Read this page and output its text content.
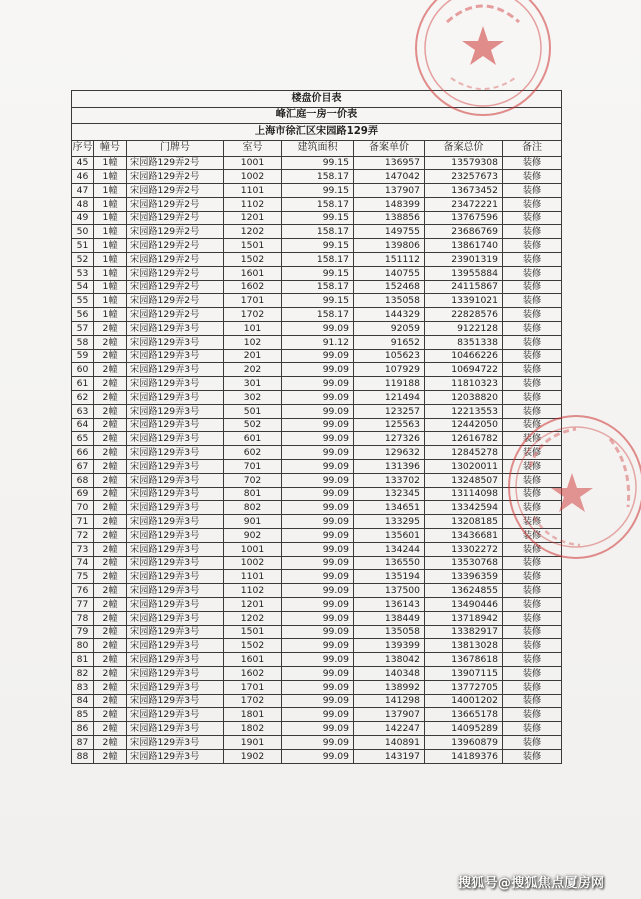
楼盘价目表							
峰汇庭一房一价表							
上海市徐汇区宋园路129弄							
序号	幢号	门牌号	室号	建筑面积	备案单价	备案总价	备注
45	1幢	宋园路129弄2号	1001	99.15	136957	13579308	装修
46	1幢	宋园路129弄2号	1002	158.17	147042	23257673	装修
47	1幢	宋园路129弄2号	1101	99.15	137907	13673452	装修
48	1幢	宋园路129弄2号	1102	158.17	148399	23472221	装修
49	1幢	宋园路129弄2号	1201	99.15	138856	13767596	装修
50	1幢	宋园路129弄2号	1202	158.17	149755	23686769	装修
51	1幢	宋园路129弄2号	1501	99.15	139806	13861740	装修
52	1幢	宋园路129弄2号	1502	158.17	151112	23901319	装修
53	1幢	宋园路129弄2号	1601	99.15	140755	13955884	装修
54	1幢	宋园路129弄2号	1602	158.17	152468	24115867	装修
55	1幢	宋园路129弄2号	1701	99.15	135058	13391021	装修
56	1幢	宋园路129弄2号	1702	158.17	144329	22828576	装修
57	2幢	宋园路129弄3号	101	99.09	92059	9122128	装修
58	2幢	宋园路129弄3号	102	91.12	91652	8351338	装修
59	2幢	宋园路129弄3号	201	99.09	105623	10466226	装修
60	2幢	宋园路129弄3号	202	99.09	107929	10694722	装修
61	2幢	宋园路129弄3号	301	99.09	119188	11810323	装修
62	2幢	宋园路129弄3号	302	99.09	121494	12038820	装修
63	2幢	宋园路129弄3号	501	99.09	123257	12213553	装修
64	2幢	宋园路129弄3号	502	99.09	125563	12442050	装修
65	2幢	宋园路129弄3号	601	99.09	127326	12616782	装修
66	2幢	宋园路129弄3号	602	99.09	129632	12845278	装修
67	2幢	宋园路129弄3号	701	99.09	131396	13020011	装修
68	2幢	宋园路129弄3号	702	99.09	133702	13248507	装修
69	2幢	宋园路129弄3号	801	99.09	132345	13114098	装修
70	2幢	宋园路129弄3号	802	99.09	134651	13342594	装修
71	2幢	宋园路129弄3号	901	99.09	133295	13208185	装修
72	2幢	宋园路129弄3号	902	99.09	135601	13436681	装修
73	2幢	宋园路129弄3号	1001	99.09	134244	13302272	装修
74	2幢	宋园路129弄3号	1002	99.09	136550	13530768	装修
75	2幢	宋园路129弄3号	1101	99.09	135194	13396359	装修
76	2幢	宋园路129弄3号	1102	99.09	137500	13624855	装修
77	2幢	宋园路129弄3号	1201	99.09	136143	13490446	装修
78	2幢	宋园路129弄3号	1202	99.09	138449	13718942	装修
79	2幢	宋园路129弄3号	1501	99.09	135058	13382917	装修
80	2幢	宋园路129弄3号	1502	99.09	139399	13813028	装修
81	2幢	宋园路129弄3号	1601	99.09	138042	13678618	装修
82	2幢	宋园路129弄3号	1602	99.09	140348	13907115	装修
83	2幢	宋园路129弄3号	1701	99.09	138992	13772705	装修
84	2幢	宋园路129弄3号	1702	99.09	141298	14001202	装修
85	2幢	宋园路129弄3号	1801	99.09	137907	13665178	装修
86	2幢	宋园路129弄3号	1802	99.09	142247	14095289	装修
87	2幢	宋园路129弄3号	1901	99.09	140891	13960879	装修
88	2幢	宋园路129弄3号	1902	99.09	143197	14189376	装修
搜狐号@搜狐焦点厦房网
